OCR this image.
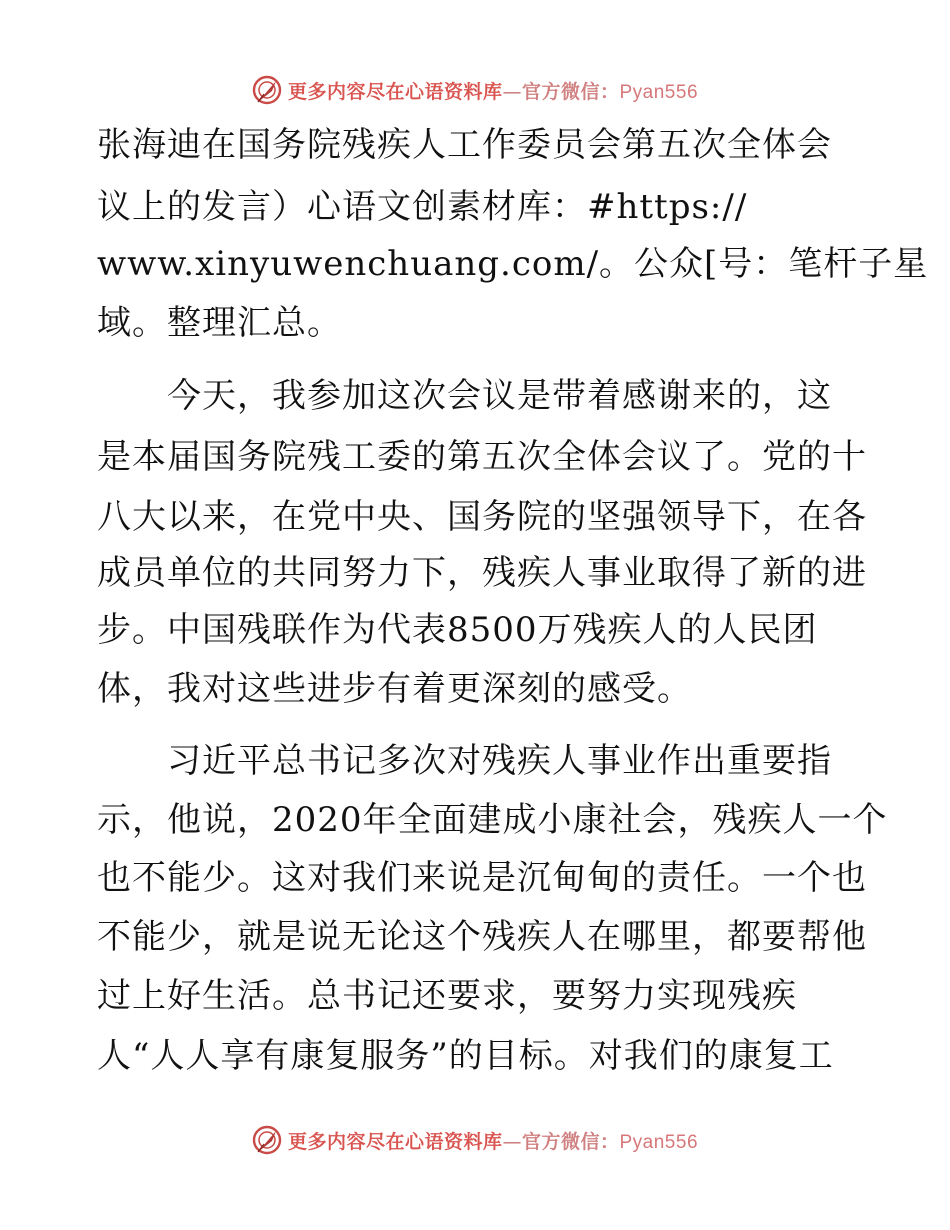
更多内容尽在心语资料库—官方微信：Pyan556
张海迪在国务院残疾人工作委员会第五次全体会
议上的发言）心语文创素材库：#https://
www.xinyuwenchuang.com/。公众[号：笔杆子星
域。整理汇总。
　　今天，我参加这次会议是带着感谢来的，这
是本届国务院残工委的第五次全体会议了。党的十
八大以来，在党中央、国务院的坚强领导下，在各
成员单位的共同努力下，残疾人事业取得了新的进
步。中国残联作为代表8500万残疾人的人民团
体，我对这些进步有着更深刻的感受。
　　习近平总书记多次对残疾人事业作出重要指
示，他说，2020年全面建成小康社会，残疾人一个
也不能少。这对我们来说是沉甸甸的责任。一个也
不能少，就是说无论这个残疾人在哪里，都要帮他
过上好生活。总书记还要求，要努力实现残疾
人“人人享有康复服务”的目标。对我们的康复工
更多内容尽在心语资料库—官方微信：Pyan556
